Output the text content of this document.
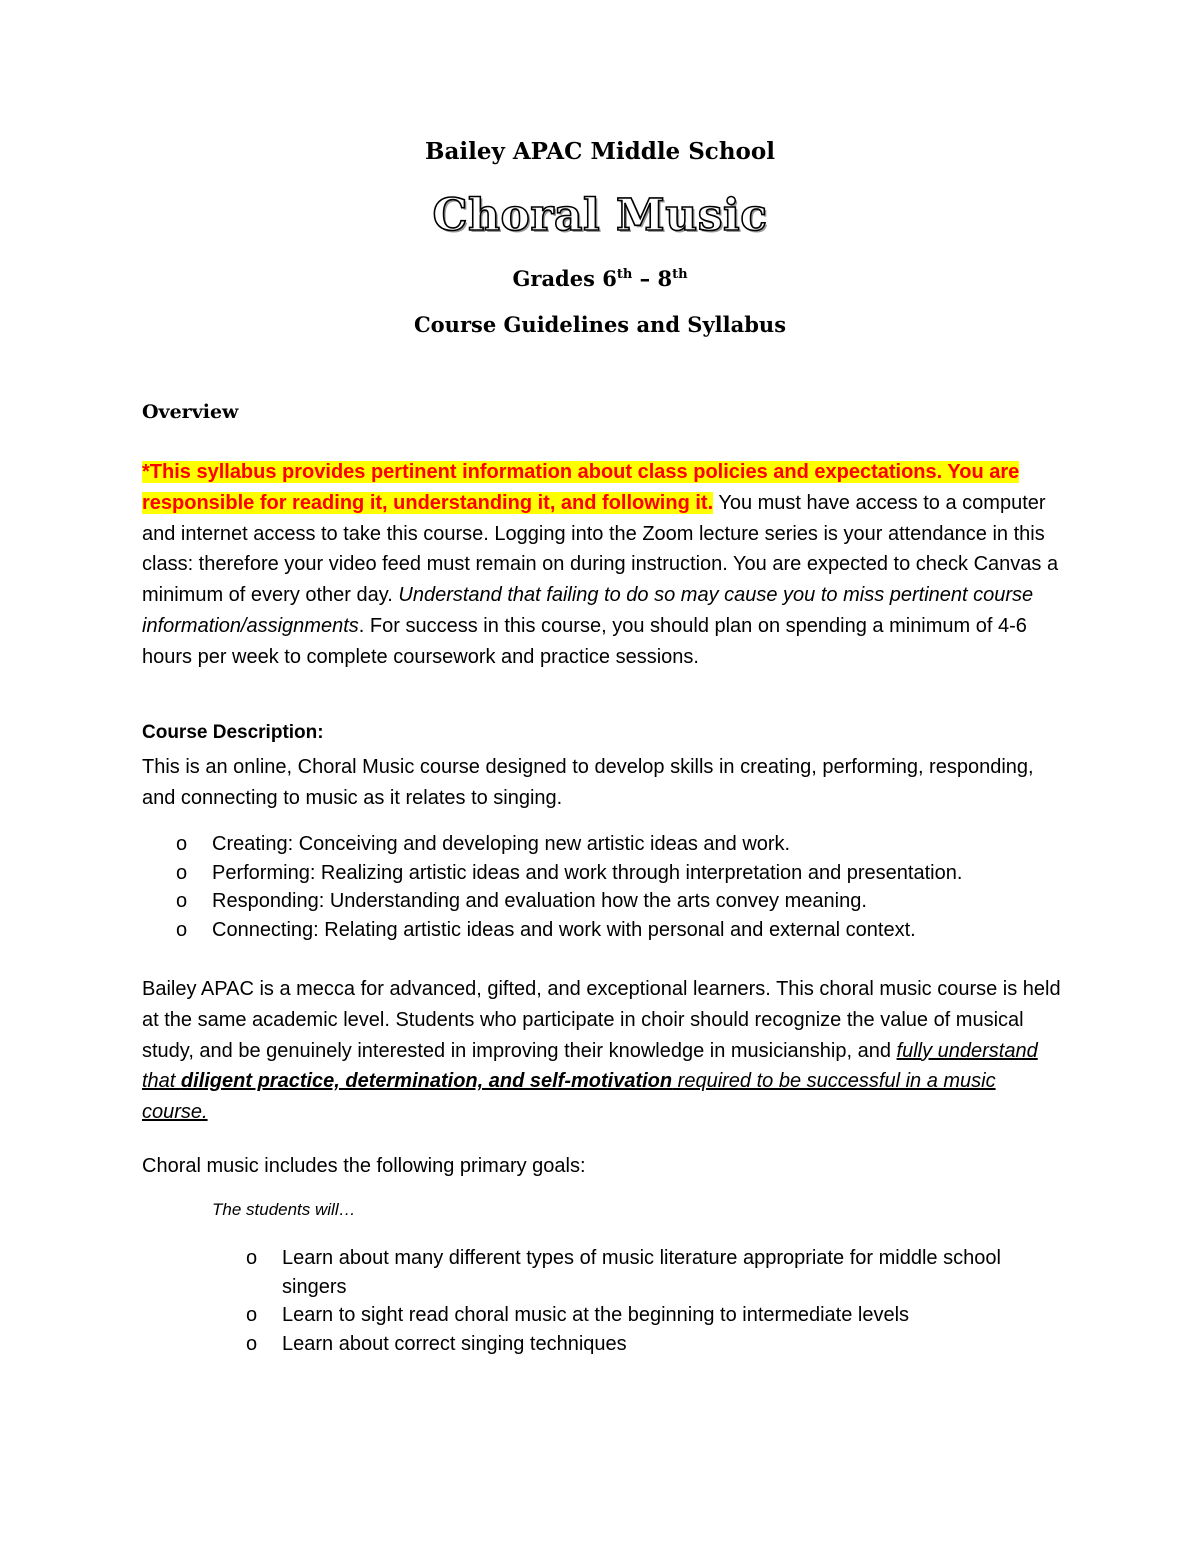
Bailey APAC Middle School
Choral Music
Grades 6th – 8th
Course Guidelines and Syllabus
Overview
*This syllabus provides pertinent information about class policies and expectations. You are responsible for reading it, understanding it, and following it. You must have access to a computer and internet access to take this course. Logging into the Zoom lecture series is your attendance in this class: therefore your video feed must remain on during instruction. You are expected to check Canvas a minimum of every other day. Understand that failing to do so may cause you to miss pertinent course information/assignments. For success in this course, you should plan on spending a minimum of 4-6 hours per week to complete coursework and practice sessions.
Course Description:
This is an online, Choral Music course designed to develop skills in creating, performing, responding, and connecting to music as it relates to singing.
o Creating: Conceiving and developing new artistic ideas and work.
o Performing: Realizing artistic ideas and work through interpretation and presentation.
o Responding: Understanding and evaluation how the arts convey meaning.
o Connecting: Relating artistic ideas and work with personal and external context.
Bailey APAC is a mecca for advanced, gifted, and exceptional learners. This choral music course is held at the same academic level. Students who participate in choir should recognize the value of musical study, and be genuinely interested in improving their knowledge in musicianship, and fully understand that diligent practice, determination, and self-motivation required to be successful in a music course.
Choral music includes the following primary goals:
The students will…
o Learn about many different types of music literature appropriate for middle school singers
o Learn to sight read choral music at the beginning to intermediate levels
o Learn about correct singing techniques
